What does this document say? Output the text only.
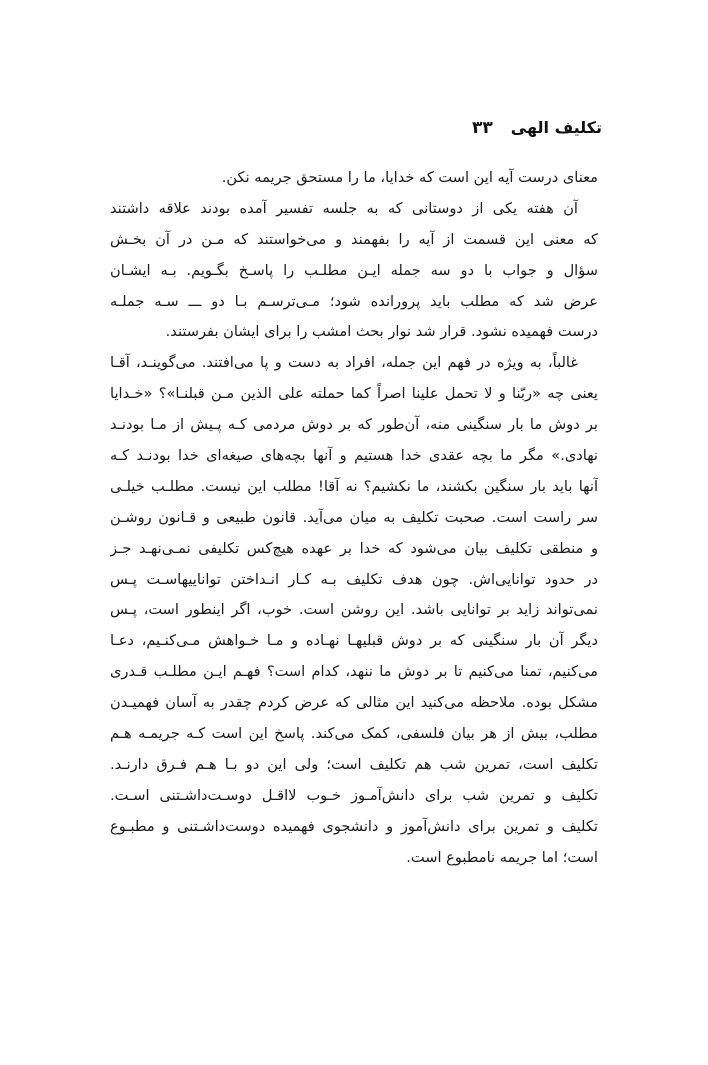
تکلیف الهی
۳۳
معنای درست آیه این است که خدایا، ما را مستحق جریمه نکن.
آن هفته یکی از دوستانی که به جلسه تفسیر آمده بودند علاقه داشتند
که معنی این قسمت از آیه را بفهمند و می‌خواستند که مـن در آن بخـش
سؤال و جواب با دو سه جمله ایـن مطلـب را پاسـخ بگـویم. بـه ایشـان
عرض شد که مطلب باید پرورانده شود؛ مـی‌ترسـم بـا دو ـــ سـه جملـه
درست فهمیده نشود. قرار شد نوار بحث امشب را برای ایشان بفرستند.
غالباً، به ویژه در فهم این جمله، افراد به دست و پا می‌افتند. می‌گوینـد، آقـا
یعنی چه «ربّنا و لا تحمل علینا اصراً کما حملته علی الذین مـن قبلنـا»؟ «خـدایا
بر دوش ما بار سنگینی منه، آن‌طور که بر دوش مردمی کـه پـیش از مـا بودنـد
نهادی.» مگر ما بچه عقدی خدا هستیم و آنها بچه‌های صیغه‌ای خدا بودنـد کـه
آنها باید بار سنگین بکشند، ما نکشیم؟ نه آقا! مطلب این نیست. مطلـب خیلـی
سر راست است. صحبت تکلیف به میان می‌آید. قانون طبیعی و قـانون روشـن
و منطقی تکلیف بیان می‌شود که خدا بر عهده هیچ‌کس تکلیفی نمـی‌نهـد جـز
در حدود توانایی‌اش. چون هدف تکلیف بـه کـار انـداختن تواناییهاسـت پـس
نمی‌تواند زاید بر توانایی باشد. این روشن است. خوب، اگر اینطور است، پـس
دیگر آن بار سنگینی که بر دوش قبلیهـا نهـاده و مـا خـواهش مـی‌کنـیم، دعـا
می‌کنیم، تمنا می‌کنیم تا بر دوش ما ننهد، کدام است؟ فهـم ایـن مطلـب قـدری
مشکل بوده. ملاحظه می‌کنید این مثالی که عرض کردم چقدر به آسان فهمیـدن
مطلب، بیش از هر بیان فلسفی، کمک می‌کند. پاسخ این است کـه جریمـه هـم
تکلیف است، تمرین شب هم تکلیف است؛ ولی این دو بـا هـم فـرق دارنـد.
تکلیف و تمرین شب برای دانش‌آمـوز خـوب لااقـل دوسـت‌داشـتنی اسـت.
تکلیف و تمرین برای دانش‌آموز و دانشجوی فهمیده دوست‌داشـتنی و مطبـوع
است؛ اما جریمه نامطبوع است.
